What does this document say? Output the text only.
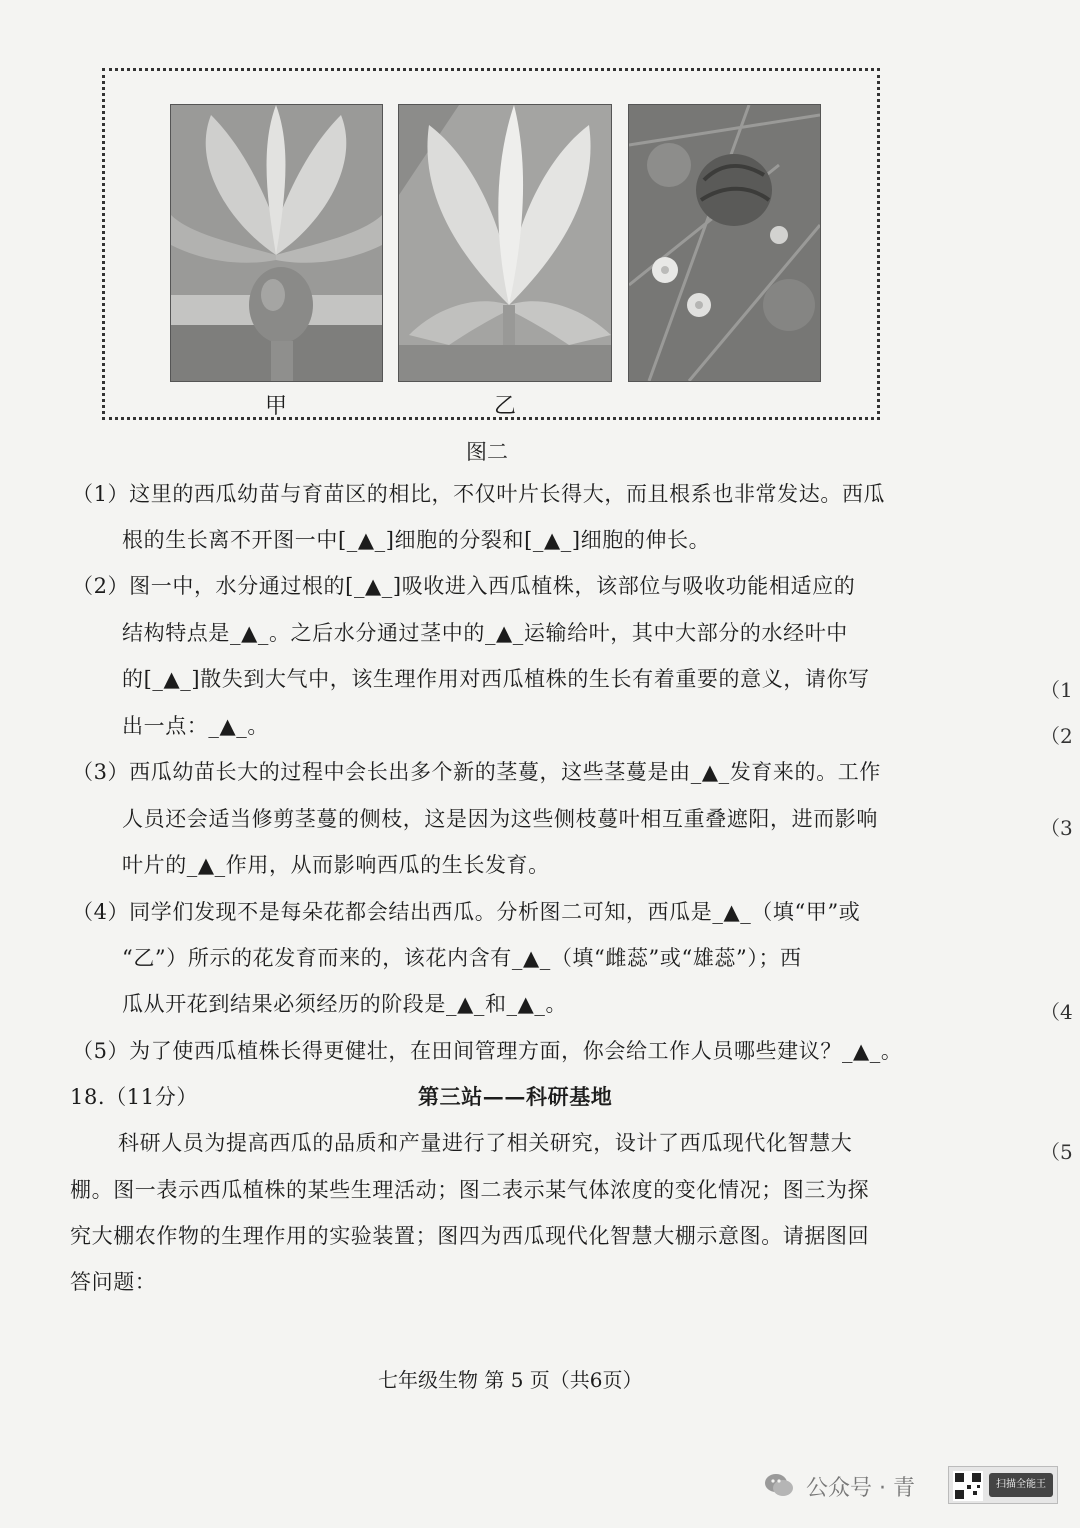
甲	乙
图二
（1）这里的西瓜幼苗与育苗区的相比，不仅叶片长得大，而且根系也非常发达。西瓜
根的生长离不开图一中[_▲_]细胞的分裂和[_▲_]细胞的伸长。
（2）图一中，水分通过根的[_▲_]吸收进入西瓜植株，该部位与吸收功能相适应的
结构特点是_▲_。之后水分通过茎中的_▲_运输给叶，其中大部分的水经叶中
的[_▲_]散失到大气中，该生理作用对西瓜植株的生长有着重要的意义，请你写
出一点：_▲_。
（3）西瓜幼苗长大的过程中会长出多个新的茎蔓，这些茎蔓是由_▲_发育来的。工作
人员还会适当修剪茎蔓的侧枝，这是因为这些侧枝蔓叶相互重叠遮阳，进而影响
叶片的_▲_作用，从而影响西瓜的生长发育。
（4）同学们发现不是每朵花都会结出西瓜。分析图二可知，西瓜是_▲_（填“甲”或
“乙”）所示的花发育而来的，该花内含有_▲_（填“雌蕊”或“雄蕊”）；西
瓜从开花到结果必须经历的阶段是_▲_和_▲_。
（5）为了使西瓜植株长得更健壮，在田间管理方面，你会给工作人员哪些建议？_▲_。
18.（11分）	第三站——科研基地
科研人员为提高西瓜的品质和产量进行了相关研究，设计了西瓜现代化智慧大
棚。图一表示西瓜植株的某些生理活动；图二表示某气体浓度的变化情况；图三为探
究大棚农作物的生理作用的实验装置；图四为西瓜现代化智慧大棚示意图。请据图回
答问题：
七年级生物 第 5 页（共6页）
（1
（2
（3
（4
（5
公众号 · 青	扫描全能王
